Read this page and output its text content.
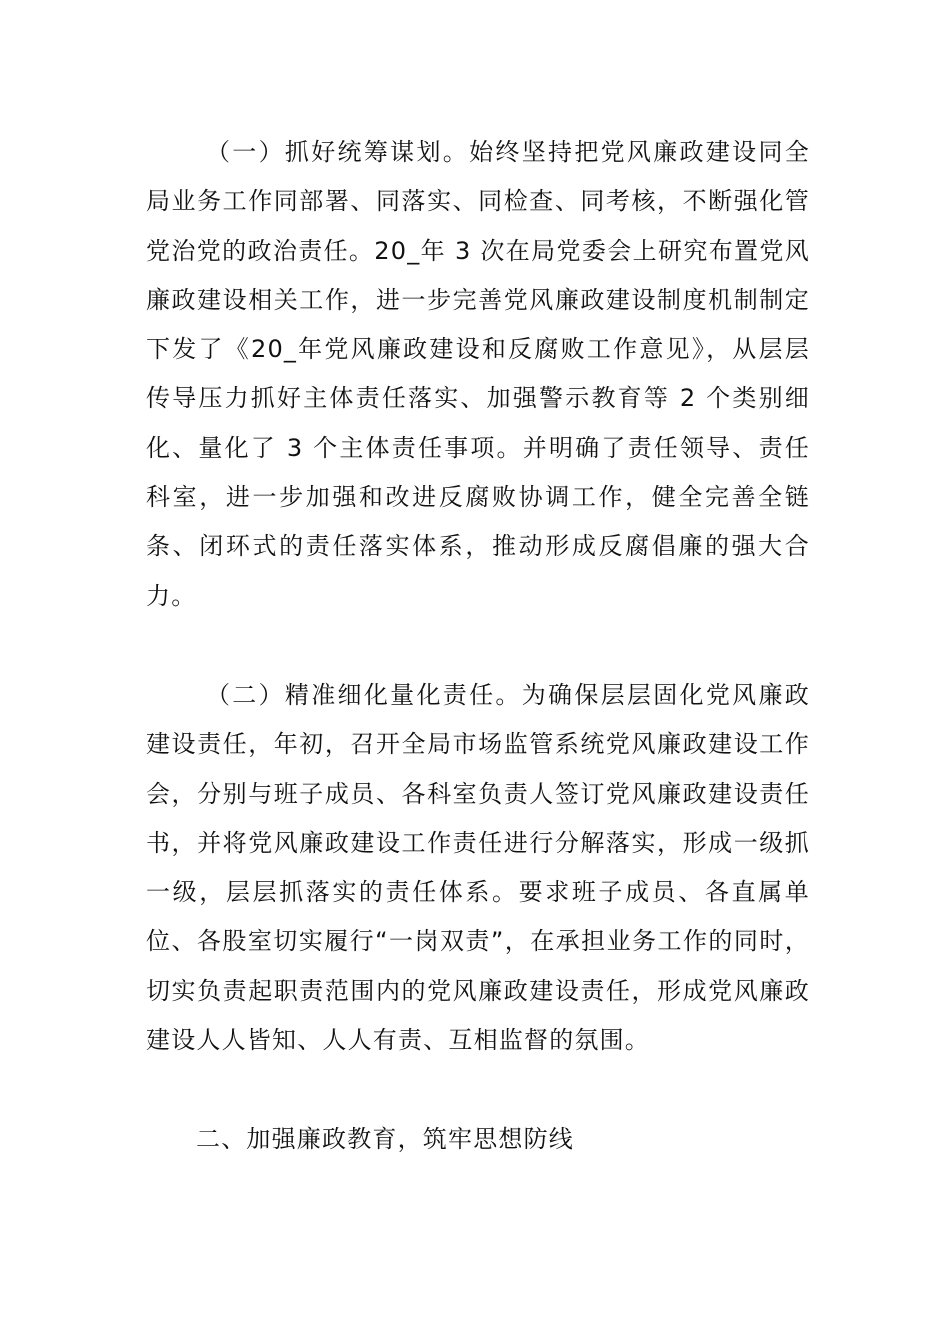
（一）抓好统筹谋划。始终坚持把党风廉政建设同全局业务工作同部署、同落实、同检查、同考核，不断强化管党治党的政治责任。20_年 3 次在局党委会上研究布置党风廉政建设相关工作，进一步完善党风廉政建设制度机制制定下发了《20_年党风廉政建设和反腐败工作意见》，从层层传导压力抓好主体责任落实、加强警示教育等 2 个类别细化、量化了 3 个主体责任事项。并明确了责任领导、责任科室，进一步加强和改进反腐败协调工作，健全完善全链条、闭环式的责任落实体系，推动形成反腐倡廉的强大合力。

（二）精准细化量化责任。为确保层层固化党风廉政建设责任，年初，召开全局市场监管系统党风廉政建设工作会，分别与班子成员、各科室负责人签订党风廉政建设责任书，并将党风廉政建设工作责任进行分解落实，形成一级抓一级，层层抓落实的责任体系。要求班子成员、各直属单位、各股室切实履行“一岗双责”，在承担业务工作的同时，切实负责起职责范围内的党风廉政建设责任，形成党风廉政建设人人皆知、人人有责、互相监督的氛围。

二、加强廉政教育，筑牢思想防线
